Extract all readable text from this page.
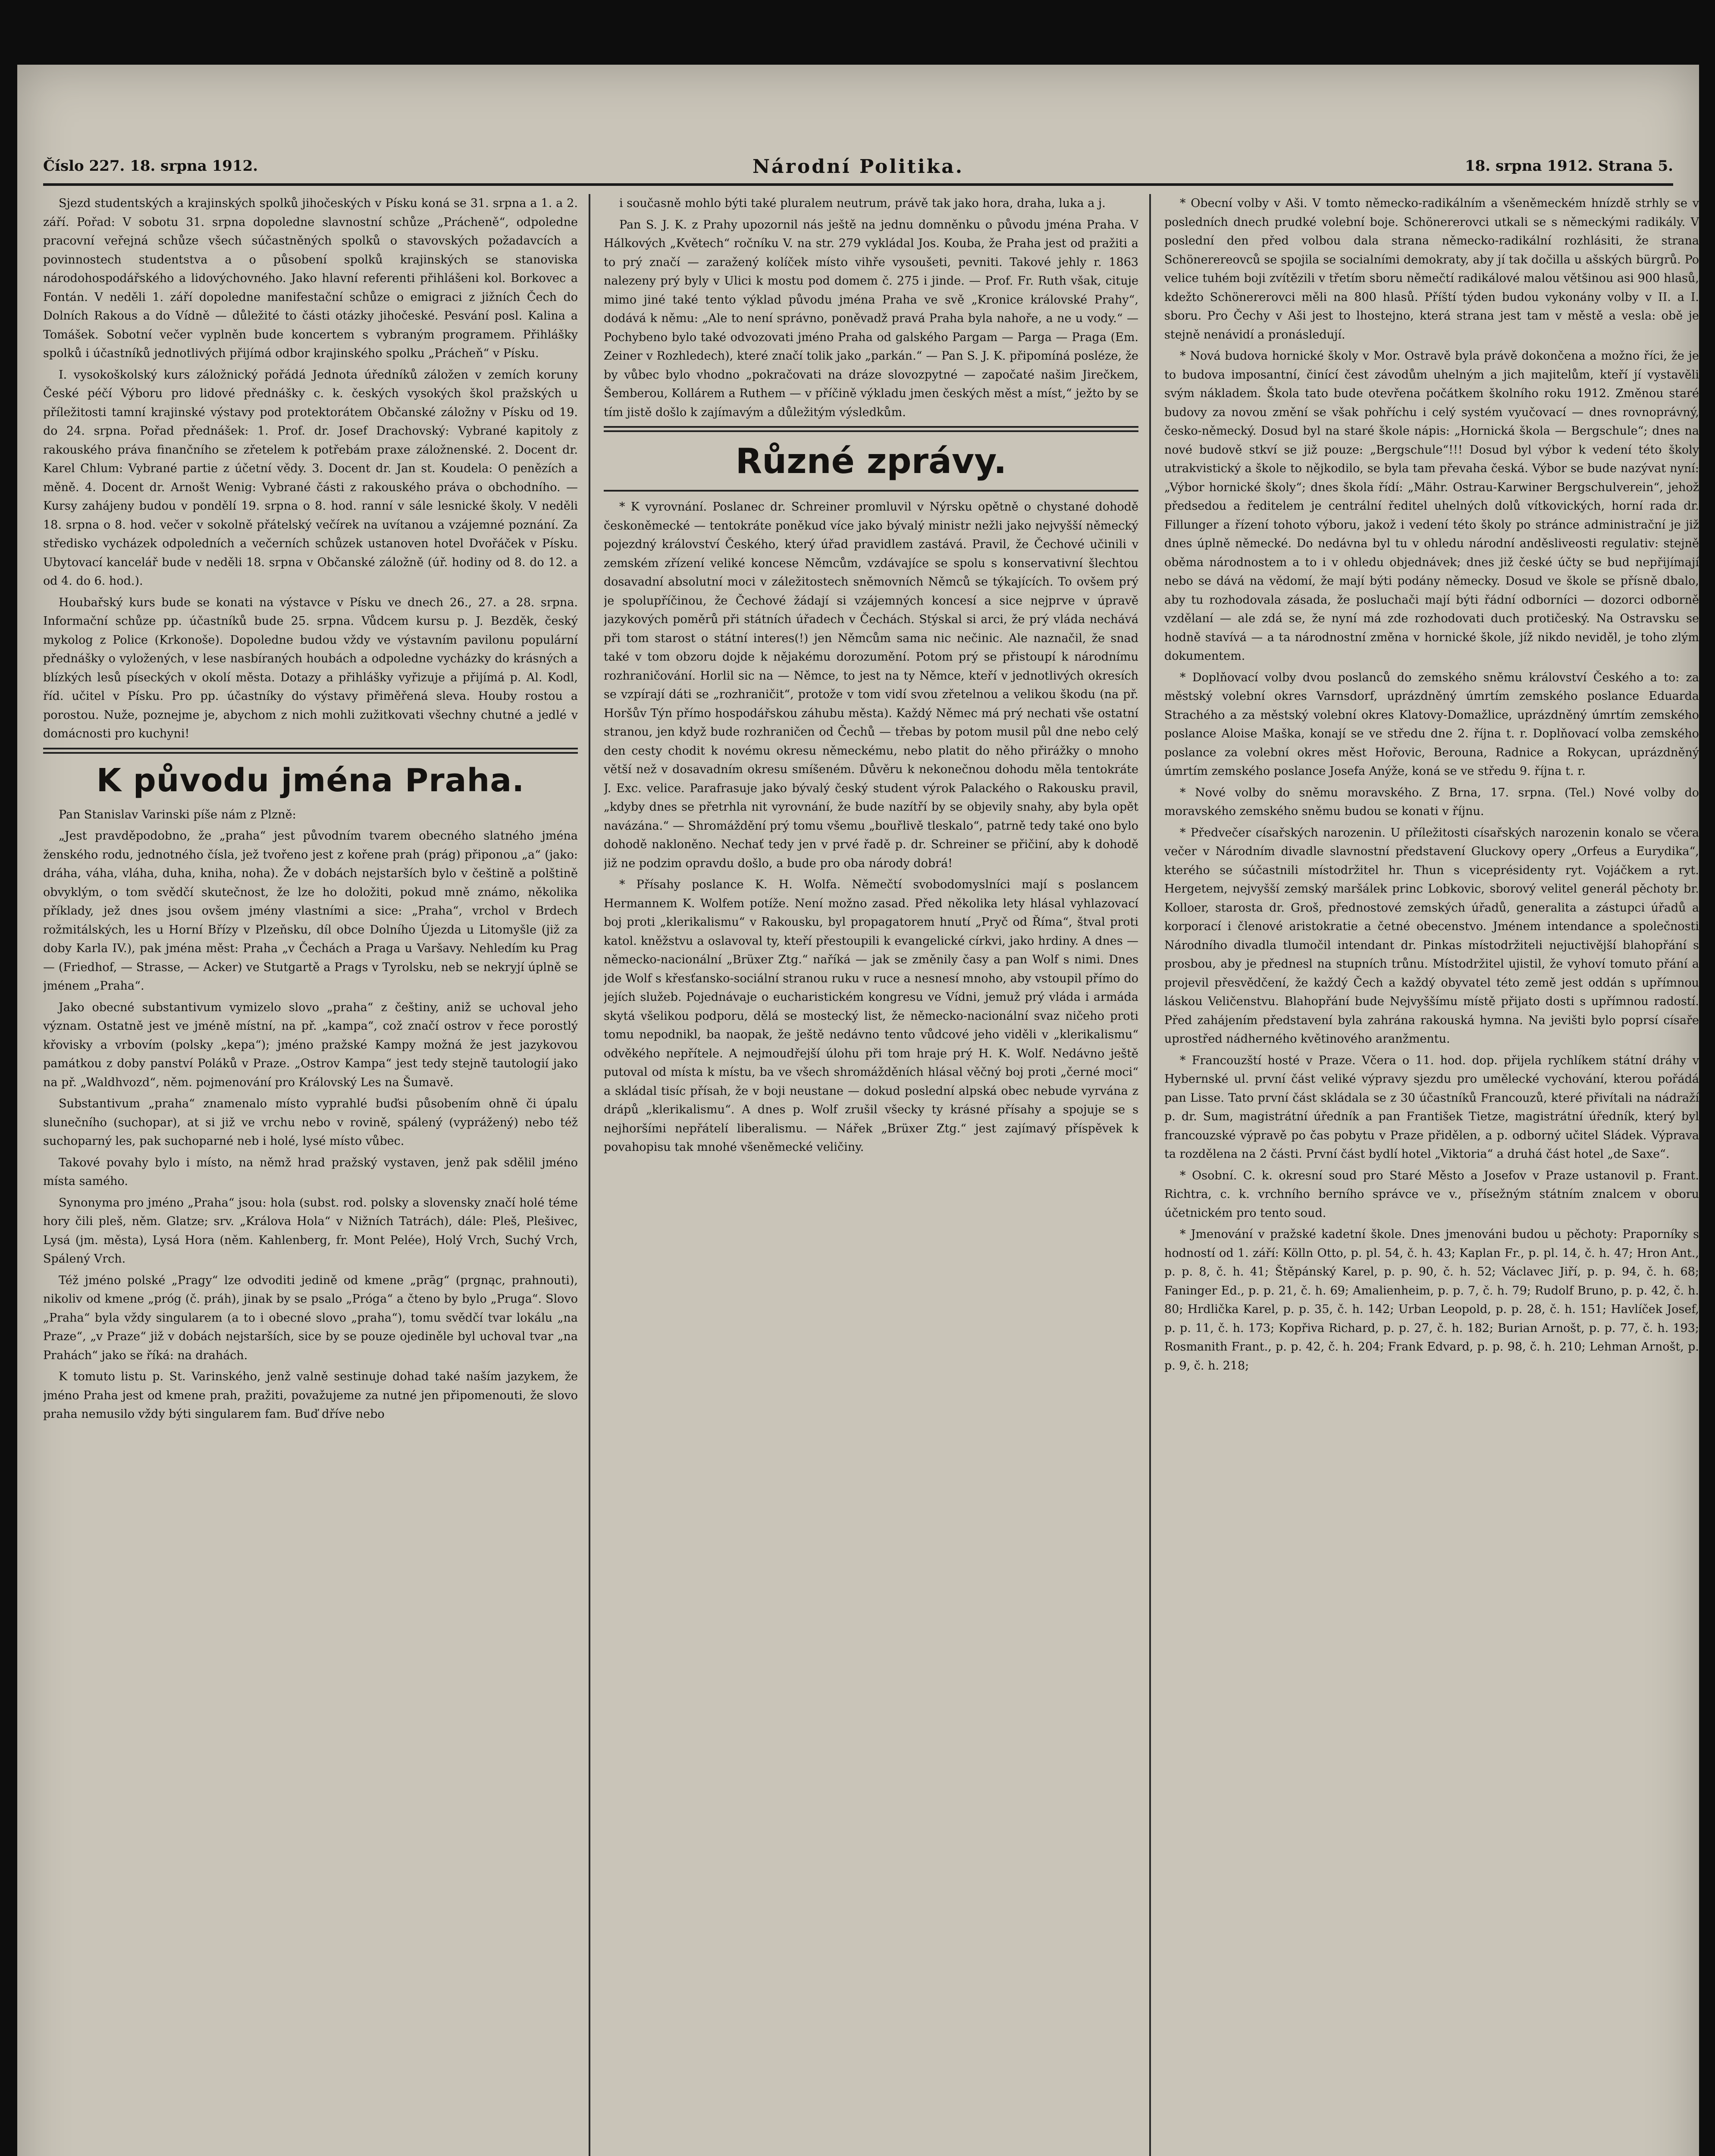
Číslo 227. 18. srpna 1912.	Národní Politika.	18. srpna 1912. Strana 5.

Sjezd studentských a krajinských spolků jihočeských v Písku koná se 31. srpna a 1. a 2. září. Pořad: V sobotu 31. srpna dopoledne slavnostní schůze „Prácheně“, odpoledne pracovní veřejná schůze všech súčastněných spolků o stavovských požadavcích a povinnostech studentstva a o působení spolků krajinských se stanoviska národohospodářského a lidovýchovného. Jako hlavní referenti přihlášeni kol. Borkovec a Fontán. V neděli 1. září dopoledne manifestační schůze o emigraci z jižních Čech do Dolních Rakous a do Vídně — důležité to části otázky jihočeské. Pesvání posl. Kalina a Tomášek. Sobotní večer vyplněn bude koncertem s vybraným programem. Přihlášky spolků i účastníků jednotlivých přijímá odbor krajinského spolku „Prácheň“ v Písku.

I. vysokoškolský kurs záložnický pořádá Jednota úředníků záložen v zemích koruny České péčí Výboru pro lidové přednášky c. k. českých vysokých škol pražských u příležitosti tamní krajinské výstavy pod protektorátem Občanské záložny v Písku od 19. do 24. srpna. Pořad přednášek: 1. Prof. dr. Josef Drachovský: Vybrané kapitoly z rakouského práva finančního se zřetelem k potřebám praxe záložnenské. 2. Docent dr. Karel Chlum: Vybrané partie z účetní vědy. 3. Docent dr. Jan st. Koudela: O penězích a měně. 4. Docent dr. Arnošt Wenig: Vybrané části z rakouského práva o obchodního. — Kursy zahájeny budou v pondělí 19. srpna o 8. hod. ranní v sále lesnické školy. V neděli 18. srpna o 8. hod. večer v sokolně přátelský večírek na uvítanou a vzájemné poznání. Za středisko vycházek odpoledních a večerních schůzek ustanoven hotel Dvořáček v Písku. Ubytovací kancelář bude v neděli 18. srpna v Občanské záložně (úř. hodiny od 8. do 12. a od 4. do 6. hod.).

Houbařský kurs bude se konati na výstavce v Písku ve dnech 26., 27. a 28. srpna. Informační schůze pp. účastníků bude 25. srpna. Vůdcem kursu p. J. Bezděk, český mykolog z Police (Krkonoše). Dopoledne budou vždy ve výstavním pavilonu populární přednášky o vyložených, v lese nasbíraných houbách a odpoledne vycházky do krásných a blízkých lesů píseckých v okolí města. Dotazy a přihlášky vyřizuje a přijímá p. Al. Kodl, říd. učitel v Písku. Pro pp. účastníky do výstavy přiměřená sleva. Houby rostou a porostou. Nuže, poznejme je, abychom z nich mohli zužitkovati všechny chutné a jedlé v domácnosti pro kuchyni!

K původu jména Praha.

Pan Stanislav Varinski píše nám z Plzně:

„Jest pravděpodobno, že „praha“ jest původním tvarem obecného slatného jména ženského rodu, jednotného čísla, jež tvořeno jest z kořene prah (prág) připonou „a“ (jako: dráha, váha, vláha, duha, kniha, noha). Že v dobách nejstarších bylo v češtině a polštině obvyklým, o tom svědčí skutečnost, že lze ho doložiti, pokud mně známo, několika příklady, jež dnes jsou ovšem jmény vlastními a sice: „Praha“, vrchol v Brdech rožmitálských, les u Horní Břízy v Plzeňsku, díl obce Dolního Újezda u Litomyšle (již za doby Karla IV.), pak jména měst: Praha „v Čechách a Praga u Varšavy. Nehledím ku Prag — (Friedhof, — Strasse, — Acker) ve Stutgartě a Prags v Tyrolsku, neb se nekryjí úplně se jménem „Praha“.

Jako obecné substantivum vymizelo slovo „praha“ z češtiny, aniž se uchoval jeho význam. Ostatně jest ve jméně místní, na př. „kampa“, což značí ostrov v řece porostlý křovisky a vrbovím (polsky „kepa“); jméno pražské Kampy možná že jest jazykovou památkou z doby panství Poláků v Praze. „Ostrov Kampa“ jest tedy stejně tautologií jako na př. „Waldhvozd“, něm. pojmenování pro Královský Les na Šumavě.

Substantivum „praha“ znamenalo místo vyprahlé buďsi působením ohně či úpalu slunečního (suchopar), at si již ve vrchu nebo v rovině, spálený (vyprážený) nebo též suchoparný les, pak suchoparné neb i holé, lysé místo vůbec.

Takové povahy bylo i místo, na němž hrad pražský vystaven, jenž pak sdělil jméno místa samého.

Synonyma pro jméno „Praha“ jsou: hola (subst. rod. polsky a slovensky značí holé téme hory čili pleš, něm. Glatze; srv. „Králova Hola“ v Nižních Tatrách), dále: Pleš, Plešivec, Lysá (jm. města), Lysá Hora (něm. Kahlenberg, fr. Mont Pelée), Holý Vrch, Suchý Vrch, Spálený Vrch.

Též jméno polské „Pragy“ lze odvoditi jedině od kmene „prāg“ (prgnąc, prahnouti), nikoliv od kmene „próg (č. práh), jinak by se psalo „Próga“ a čteno by bylo „Pruga“. Slovo „Praha“ byla vždy singularem (a to i obecné slovo „praha“), tomu svědčí tvar lokálu „na Praze“, „v Praze“ již v dobách nejstarších, sice by se pouze ojediněle byl uchoval tvar „na Prahách“ jako se říká: na drahách.

K tomuto listu p. St. Varinského, jenž valně sestinuje dohad také naším jazykem, že jméno Praha jest od kmene prah, pražiti, považujeme za nutné jen připomenouti, že slovo praha nemusilo vždy býti singularem fam. Buď dříve nebo

i současně mohlo býti také pluralem neutrum, právě tak jako hora, draha, luka a j.

Pan S. J. K. z Prahy upozornil nás ještě na jednu domněnku o původu jména Praha. V Hálkových „Květech“ ročníku V. na str. 279 vykládal Jos. Kouba, že Praha jest od pražiti a to prý značí — zaražený kolíček místo vihře vysoušeti, pevniti. Takové jehly r. 1863 nalezeny prý byly v Ulici k mostu pod domem č. 275 i jinde. — Prof. Fr. Ruth však, cituje mimo jiné také tento výklad původu jména Praha ve svě „Kronice královské Prahy“, dodává k němu: „Ale to není správno, poněvadž pravá Praha byla nahoře, a ne u vody.“ — Pochybeno bylo také odvozovati jméno Praha od galského Pargam — Parga — Praga (Em. Zeiner v Rozhledech), které značí tolik jako „parkán.“ — Pan S. J. K. připomíná posléze, že by vůbec bylo vhodno „pokračovati na dráze slovozpytné — započaté našim Jirečkem, Šemberou, Kollárem a Ruthem — v příčině výkladu jmen českých měst a míst,“ ježto by se tím jistě došlo k zajímavým a důležitým výsledkům.

Různé zprávy.

* K vyrovnání. Poslanec dr. Schreiner promluvil v Nýrsku opětně o chystané dohodě českoněmecké — tentokráte poněkud více jako bývalý ministr nežli jako nejvyšší německý pojezdný království Českého, který úřad pravidlem zastává. Pravil, že Čechové učinili v zemském zřízení veliké koncese Němcům, vzdávajíce se spolu s konservativní šlechtou dosavadní absolutní moci v záležitostech sněmovních Němců se týkajících. To ovšem prý je spolupříčinou, že Čechové žádají si vzájemných koncesí a sice nejprve v úpravě jazykových poměrů při státních úřadech v Čechách. Stýskal si arci, že prý vláda nechává při tom starost o státní interes(!) jen Němcům sama nic nečinic. Ale naznačil, že snad také v tom obzoru dojde k nějakému dorozumění. Potom prý se přistoupí k národnímu rozhraničování. Horlil sic na — Němce, to jest na ty Němce, kteří v jednotlivých okresích se vzpírají dáti se „rozhraničit“, protože v tom vidí svou zřetelnou a velikou škodu (na př. Horšův Týn přímo hospodářskou záhubu města). Každý Němec má prý nechati vše ostatní stranou, jen když bude rozhraničen od Čechů — třebas by potom musil půl dne nebo celý den cesty chodit k novému okresu německému, nebo platit do něho přirážky o mnoho větší než v dosavadním okresu smíšeném. Důvěru k nekonečnou dohodu měla tentokráte J. Exc. velice. Parafrasuje jako bývalý český student výrok Palackého o Rakousku pravil, „kdyby dnes se přetrhla nit vyrovnání, že bude nazítří by se objevily snahy, aby byla opět navázána.“ — Shromáždění prý tomu všemu „bouřlivě tleskalo“, patrně tedy také ono bylo dohodě nakloněno. Nechať tedy jen v prvé řadě p. dr. Schreiner se přičiní, aby k dohodě již ne podzim opravdu došlo, a bude pro oba národy dobrá!

* Přísahy poslance K. H. Wolfa. Němečtí svobodomyslníci mají s poslancem Hermannem K. Wolfem potíže. Není možno zasad. Před několika lety hlásal vyhlazovací boj proti „klerikalismu“ v Rakousku, byl propagatorem hnutí „Pryč od Říma“, štval proti katol. kněžstvu a oslavoval ty, kteří přestoupili k evangelické církvi, jako hrdiny. A dnes — německo-nacionální „Brüxer Ztg.“ naříká — jak se změnily časy a pan Wolf s nimi. Dnes jde Wolf s křesťansko-sociální stranou ruku v ruce a nesnesí mnoho, aby vstoupil přímo do jejích služeb. Pojednávaje o eucharistickém kongresu ve Vídni, jemuž prý vláda i armáda skytá všelikou podporu, dělá se mostecký list, že německo-nacionální svaz ničeho proti tomu nepodnikl, ba naopak, že ještě nedávno tento vůdcové jeho viděli v „klerikalismu“ odvěkého nepřítele. A nejmoudřejší úlohu při tom hraje prý H. K. Wolf. Nedávno ještě putoval od místa k místu, ba ve všech shromážděních hlásal věčný boj proti „černé moci“ a skládal tisíc přísah, že v boji neustane — dokud poslední alpská obec nebude vyrvána z drápů „klerikalismu“. A dnes p. Wolf zrušil všecky ty krásné přísahy a spojuje se s nejhoršími nepřátelí liberalismu. — Nářek „Brüxer Ztg.“ jest zajímavý příspěvek k povahopisu tak mnohé všeněmecké veličiny.

* Obecní volby v Aši. V tomto německo-radikálním a všeněmeckém hnízdě strhly se v posledních dnech prudké volební boje. Schönererovci utkali se s německými radikály. V poslední den před volbou dala strana německo-radikální rozhlásiti, že strana Schönerereovců se spojila se socialními demokraty, aby jí tak dočilla u ašských bürgrů. Po velice tuhém boji zvítězili v třetím sboru němečtí radikálové malou většinou asi 900 hlasů, kdežto Schönererovci měli na 800 hlasů. Příští týden budou vykonány volby v II. a I. sboru. Pro Čechy v Aši jest to lhostejno, která strana jest tam v městě a vesla: obě je stejně nenávidí a pronásledují.

* Nová budova hornické školy v Mor. Ostravě byla právě dokončena a možno říci, že je to budova imposantní, činící čest závodům uhelným a jich majitelům, kteří jí vystavěli svým nákladem. Škola tato bude otevřena počátkem školního roku 1912. Změnou staré budovy za novou změní se však pohříchu i celý systém vyučovací — dnes rovnoprávný, česko-německý. Dosud byl na staré škole nápis: „Hornická škola — Bergschule“; dnes na nové budově stkví se již pouze: „Bergschule“!!! Dosud byl výbor k vedení této školy utrakvistický a škole to nějkodilo, se byla tam převaha česká. Výbor se bude nazývat nyní: „Výbor hornické školy“; dnes škola řídí: „Mähr. Ostrau-Karwiner Bergschulverein“, jehož předsedou a ředitelem je centrální ředitel uhelných dolů vítkovických, horní rada dr. Fillunger a řízení tohoto výboru, jakož i vedení této školy po stránce administrační je již dnes úplně německé. Do nedávna byl tu v ohledu národní anděsliveosti regulativ: stejně oběma národnostem a to i v ohledu objednávek; dnes již české účty se bud nepřijímají nebo se dává na vědomí, že mají býti podány německy. Dosud ve škole se přísně dbalo, aby tu rozhodovala zásada, že posluchači mají býti řádní odborníci — dozorci odborně vzdělaní — ale zdá se, že nyní má zde rozhodovati duch protičeský. Na Ostravsku se hodně stavívá — a ta národnostní změna v hornické škole, jíž nikdo neviděl, je toho zlým dokumentem.

* Doplňovací volby dvou poslanců do zemského sněmu království Českého a to: za městský volební okres Varnsdorf, uprázdněný úmrtím zemského poslance Eduarda Strachého a za městský volební okres Klatovy-Domažlice, uprázdněný úmrtím zemského poslance Aloise Maška, konají se ve středu dne 2. října t. r. Doplňovací volba zemského poslance za volební okres měst Hořovic, Berouna, Radnice a Rokycan, uprázdněný úmrtím zemského poslance Josefa Anýže, koná se ve středu 9. října t. r.

* Nové volby do sněmu moravského. Z Brna, 17. srpna. (Tel.) Nové volby do moravského zemského sněmu budou se konati v říjnu.

* Předvečer císařských narozenin. U příležitosti císařských narozenin konalo se včera večer v Národním divadle slavnostní představení Gluckovy opery „Orfeus a Eurydika“, kterého se súčastnili místodržitel hr. Thun s viceprésidenty ryt. Vojáčkem a ryt. Hergetem, nejvyšší zemský maršálek princ Lobkovic, sborový velitel generál pěchoty br. Kolloer, starosta dr. Groš, přednostové zemských úřadů, generalita a zástupci úřadů a korporací i členové aristokratie a četné obecenstvo. Jménem intendance a společnosti Národního divadla tlumočil intendant dr. Pinkas místodržiteli nejuctivější blahopřání s prosbou, aby je přednesl na stupních trůnu. Místodržitel ujistil, že vyhoví tomuto přání a projevil přesvědčení, že každý Čech a každý obyvatel této země jest oddán s upřímnou láskou Veličenstvu. Blahopřání bude Nejvyššímu místě přijato dosti s upřímnou radostí. Před zahájením představení byla zahrána rakouská hymna. Na jevišti bylo poprsí císaře uprostřed nádherného květinového aranžmentu.

* Francouzští hosté v Praze. Včera o 11. hod. dop. přijela rychlíkem státní dráhy v Hybernské ul. první část veliké výpravy sjezdu pro umělecké vychování, kterou pořádá pan Lisse. Tato první část skládala se z 30 účastníků Francouzů, které přivítali na nádraží p. dr. Sum, magistrátní úředník a pan František Tietze, magistrátní úředník, který byl francouzské výpravě po čas pobytu v Praze přidělen, a p. odborný učitel Sládek. Výprava ta rozdělena na 2 části. První část bydlí hotel „Viktoria“ a druhá část hotel „de Saxe“.

* Osobní. C. k. okresní soud pro Staré Město a Josefov v Praze ustanovil p. Frant. Richtra, c. k. vrchního berního správce ve v., přísežným státním znalcem v oboru účetnickém pro tento soud.

* Jmenování v pražské kadetní škole. Dnes jmenováni budou u pěchoty: Praporníky s hodností od 1. září: Kölln Otto, p. pl. 54, č. h. 43; Kaplan Fr., p. pl. 14, č. h. 47; Hron Ant., p. p. 8, č. h. 41; Štěpánský Karel, p. p. 90, č. h. 52; Václavec Jiří, p. p. 94, č. h. 68; Faninger Ed., p. p. 21, č. h. 69; Amalienheim, p. p. 7, č. h. 79; Rudolf Bruno, p. p. 42, č. h. 80; Hrdlička Karel, p. p. 35, č. h. 142; Urban Leopold, p. p. 28, č. h. 151; Havlíček Josef, p. p. 11, č. h. 173; Kopřiva Richard, p. p. 27, č. h. 182; Burian Arnošt, p. p. 77, č. h. 193; Rosmanith Frant., p. p. 42, č. h. 204; Frank Edvard, p. p. 98, č. h. 210; Lehman Arnošt, p. p. 9, č. h. 218;
